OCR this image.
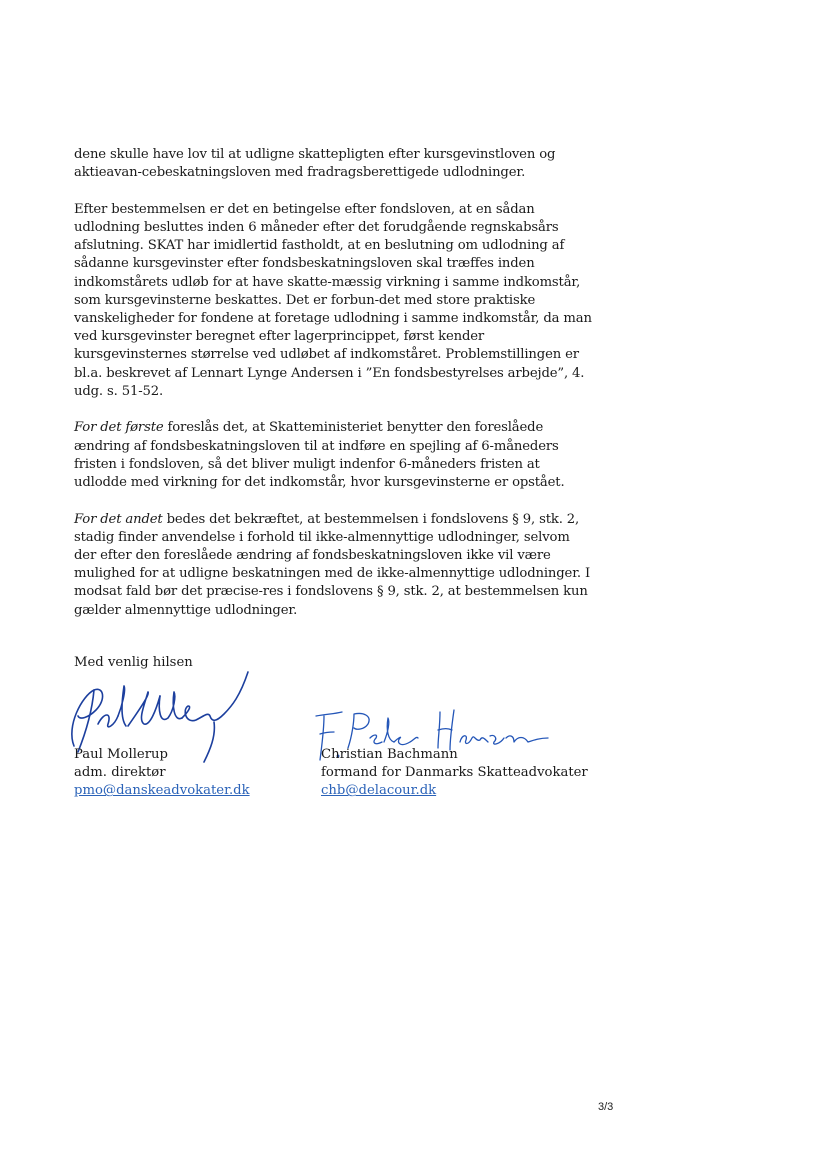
dene skulle have lov til at udligne skattepligten efter kursgevinstloven og aktieavan-cebeskatningsloven med fradragsberettigede udlodninger.

Efter bestemmelsen er det en betingelse efter fondsloven, at en sådan udlodning besluttes inden 6 måneder efter det forudgående regnskabsårs afslutning. SKAT har imidlertid fastholdt, at en beslutning om udlodning af sådanne kursgevinster efter fondsbeskatningsloven skal træffes inden indkomstårets udløb for at have skatte-mæssig virkning i samme indkomstår, som kursgevinsterne beskattes. Det er forbun-det med store praktiske vanskeligheder for fondene at foretage udlodning i samme indkomstår, da man ved kursgevinster beregnet efter lagerprincippet, først kender kursgevinsternes størrelse ved udløbet af indkomståret. Problemstillingen er bl.a. beskrevet af Lennart Lynge Andersen i ”En fondsbestyrelses arbejde”, 4. udg. s. 51-52.

For det første foreslås det, at Skatteministeriet benytter den foreslåede ændring af fondsbeskatningsloven til at indføre en spejling af 6-måneders fristen i fondsloven, så det bliver muligt indenfor 6-måneders fristen at udlodde med virkning for det indkomstår, hvor kursgevinsterne er opstået.

For det andet bedes det bekræftet, at bestemmelsen i fondslovens § 9, stk. 2, stadig finder anvendelse i forhold til ikke-almennyttige udlodninger, selvom der efter den foreslåede ændring af fondsbeskatningsloven ikke vil være mulighed for at udligne beskatningen med de ikke-almennyttige udlodninger. I modsat fald bør det præcise-res i fondslovens § 9, stk. 2, at bestemmelsen kun gælder almennyttige udlodninger.

Med venlig hilsen
Paul Mollerup
adm. direktør
pmo@danskeadvokater.dk
Christian Bachmann
formand for Danmarks Skatteadvokater
chb@delacour.dk
3/3
